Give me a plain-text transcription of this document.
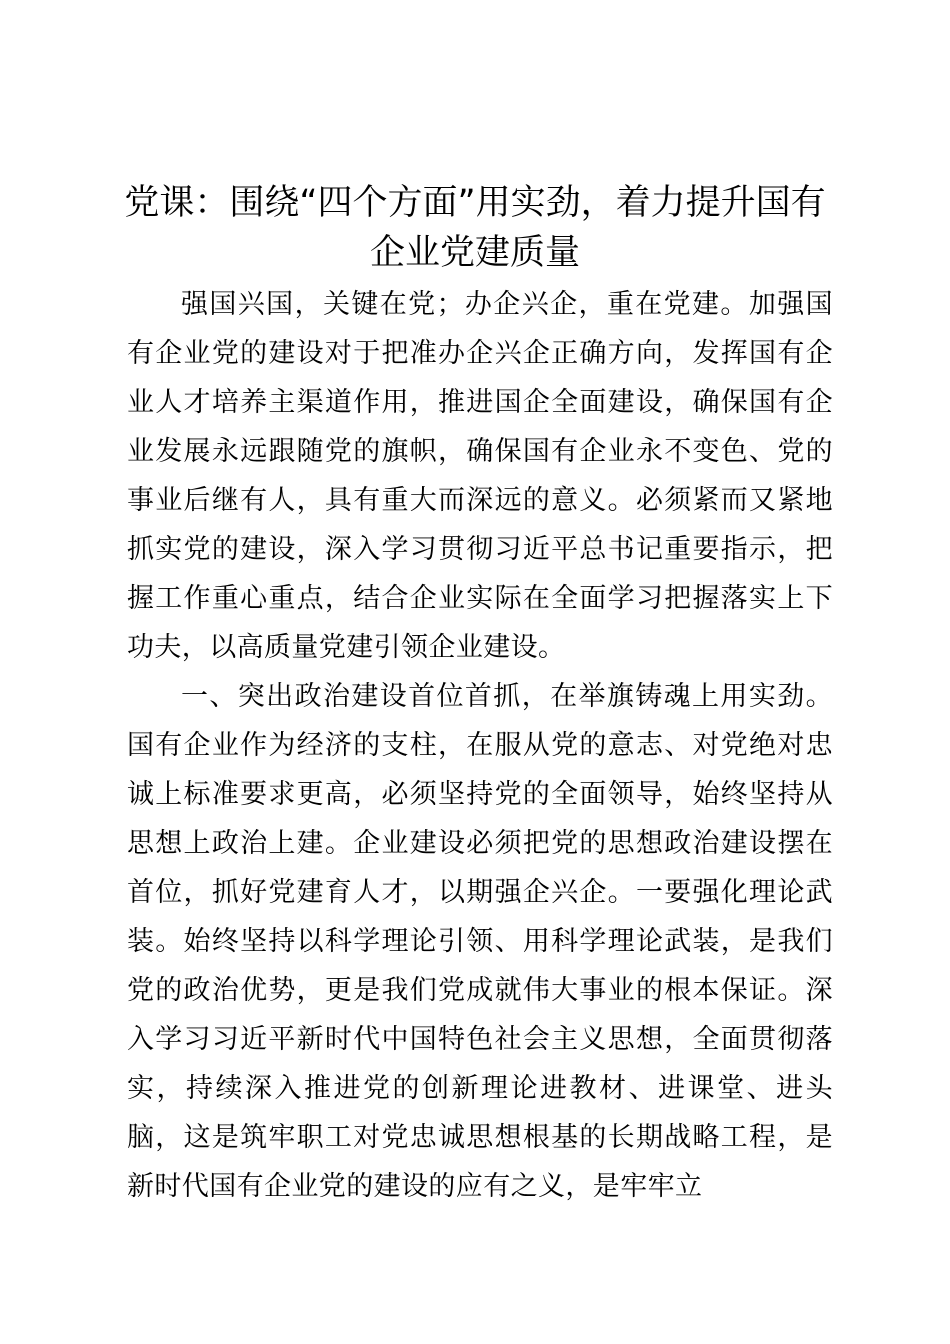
党课：围绕“四个方面”用实劲，着力提升国有企业党建质量

强国兴国，关键在党；办企兴企，重在党建。加强国有企业党的建设对于把准办企兴企正确方向，发挥国有企业人才培养主渠道作用，推进国企全面建设，确保国有企业发展永远跟随党的旗帜，确保国有企业永不变色、党的事业后继有人，具有重大而深远的意义。必须紧而又紧地抓实党的建设，深入学习贯彻习近平总书记重要指示，把握工作重心重点，结合企业实际在全面学习把握落实上下功夫，以高质量党建引领企业建设。

一、突出政治建设首位首抓，在举旗铸魂上用实劲。国有企业作为经济的支柱，在服从党的意志、对党绝对忠诚上标准要求更高，必须坚持党的全面领导，始终坚持从思想上政治上建。企业建设必须把党的思想政治建设摆在首位，抓好党建育人才，以期强企兴企。一要强化理论武装。始终坚持以科学理论引领、用科学理论武装，是我们党的政治优势，更是我们党成就伟大事业的根本保证。深入学习习近平新时代中国特色社会主义思想，全面贯彻落实，持续深入推进党的创新理论进教材、进课堂、进头脑，这是筑牢职工对党忠诚思想根基的长期战略工程，是新时代国有企业党的建设的应有之义，是牢牢立
